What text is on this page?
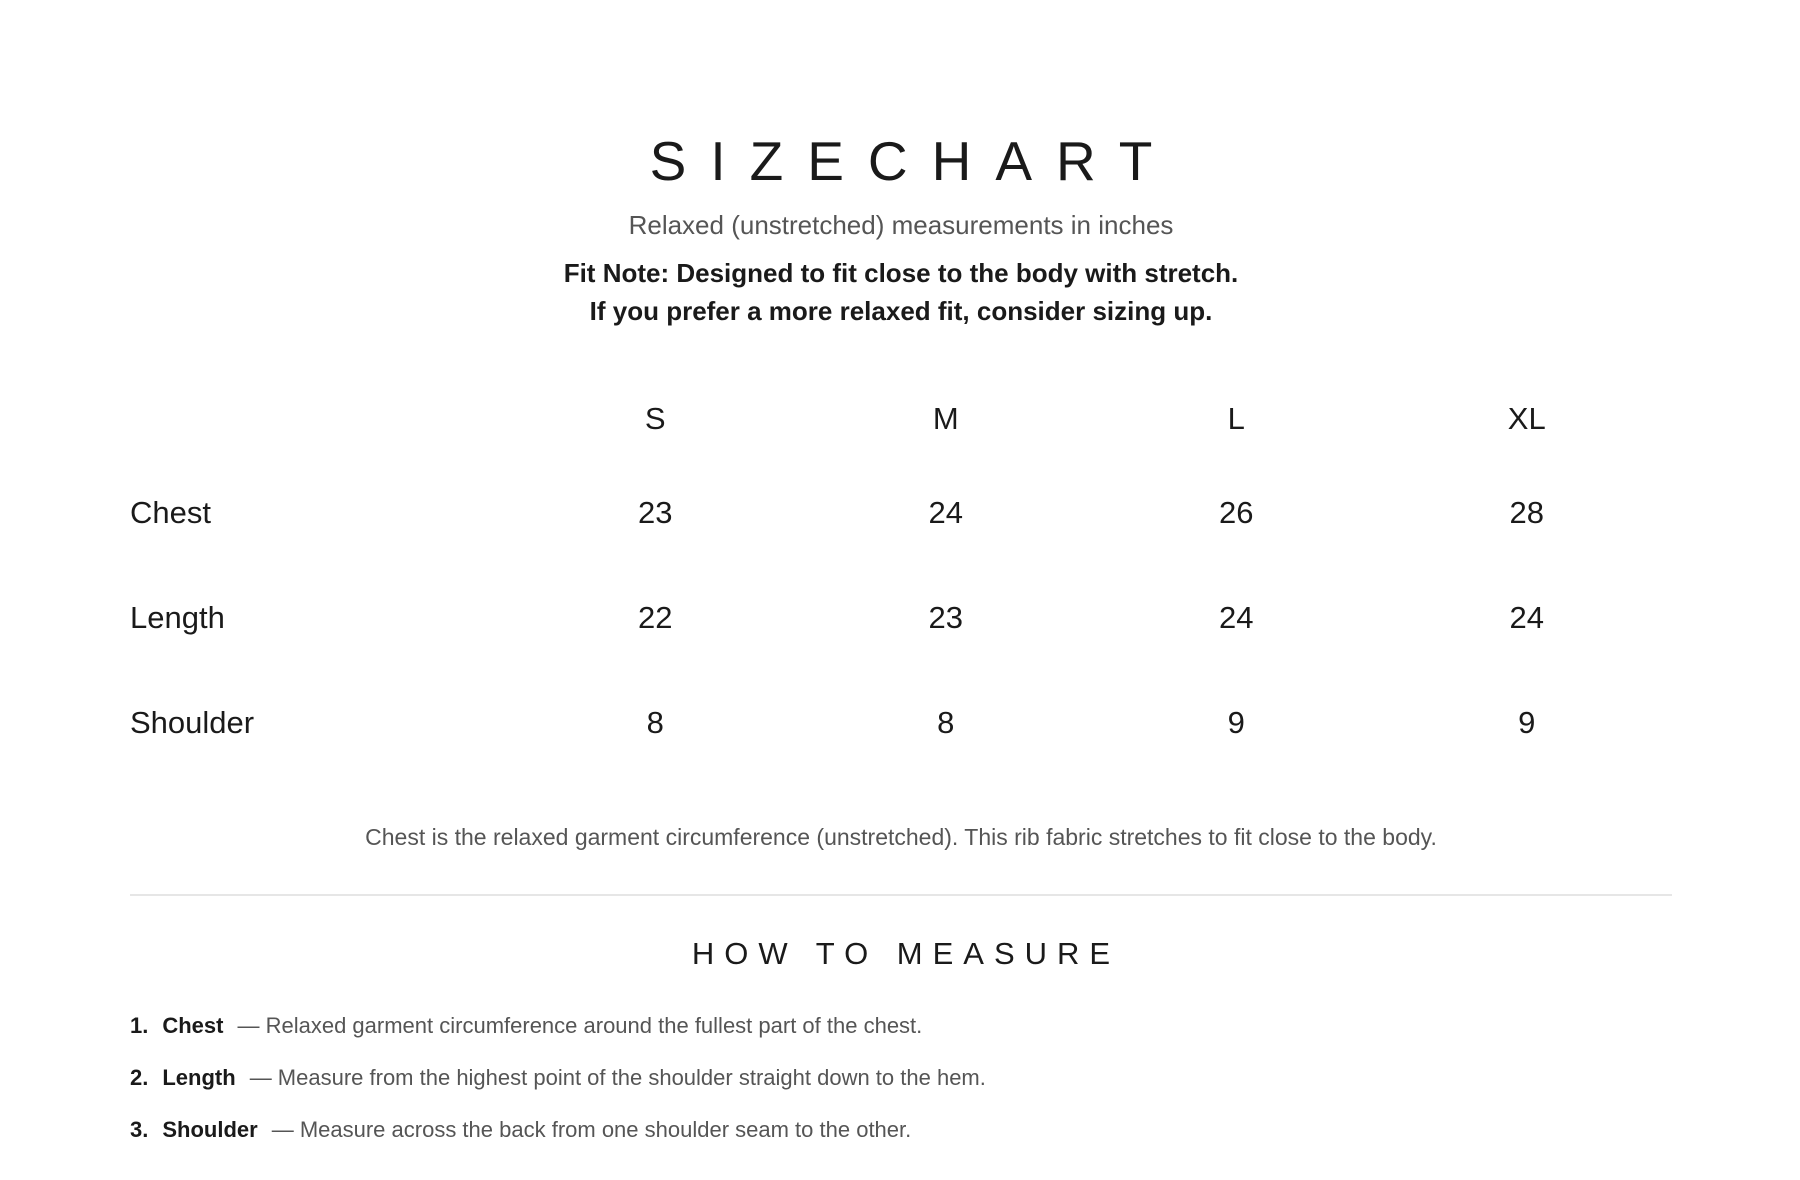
SIZECHART
Relaxed (unstretched) measurements in inches
Fit Note: Designed to fit close to the body with stretch.
If you prefer a more relaxed fit, consider sizing up.
	S	M	L	XL
Chest	23	24	26	28
Length	22	23	24	24
Shoulder	8	8	9	9
Chest is the relaxed garment circumference (unstretched). This rib fabric stretches to fit close to the body.
HOW TO MEASURE
1. Chest — Relaxed garment circumference around the fullest part of the chest.
2. Length — Measure from the highest point of the shoulder straight down to the hem.
3. Shoulder — Measure across the back from one shoulder seam to the other.
